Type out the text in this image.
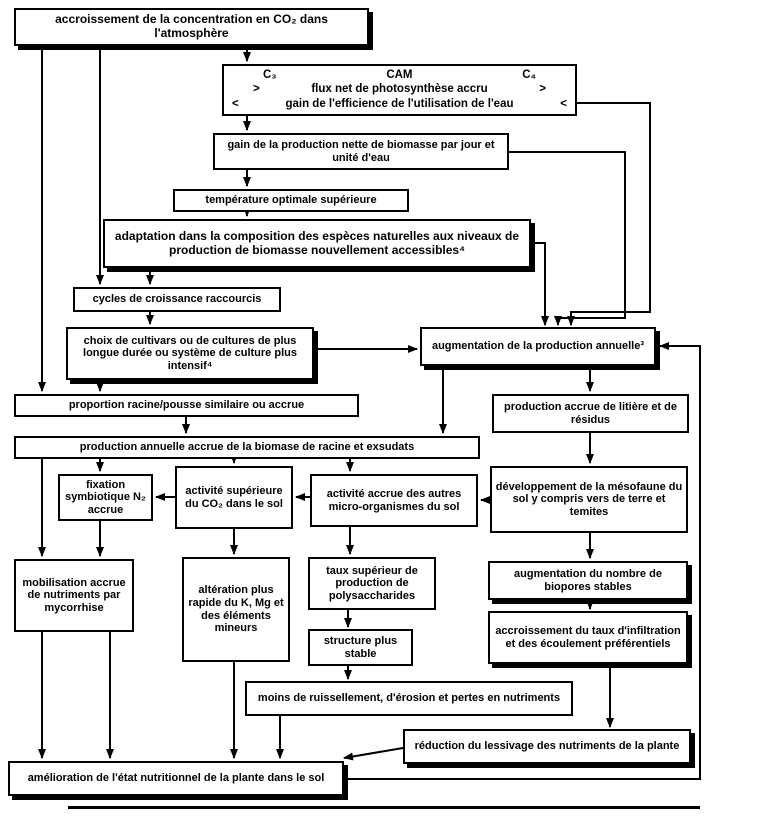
accroissement de la concentration en CO₂ dans l'atmosphère
C₃	CAM	C₄
>	flux net de photosynthèse accru	>
<	gain de l'efficience de l'utilisation de l'eau	<
gain de la production nette de biomasse par jour et unité d'eau
température optimale supérieure
adaptation dans la composition des espèces naturelles aux niveaux de production de biomasse nouvellement accessibles⁴
cycles de croissance raccourcis
choix de cultivars ou de cultures de plus longue durée ou système de culture plus intensif⁴
augmentation de la production annuelle³
proportion racine/pousse similaire ou accrue
production annuelle accrue de la biomase de racine et exsudats
production accrue de litière et de résidus
fixation symbiotique N₂ accrue
activité supérieure du CO₂ dans le sol
activité accrue des autres micro-organismes du sol
développement de la mésofaune du sol y compris vers de terre et temites
mobilisation accrue de nutriments par mycorrhise
altération plus rapide du K, Mg et des éléments mineurs
taux supérieur de production de polysaccharides
augmentation du nombre de biopores stables
structure plus stable
accroissement du taux d'infiltration et des écoulement préférentiels
moins de ruissellement, d'érosion et pertes en nutriments
réduction du lessivage des nutriments de la plante
amélioration de l'état nutritionnel de la plante dans le sol
